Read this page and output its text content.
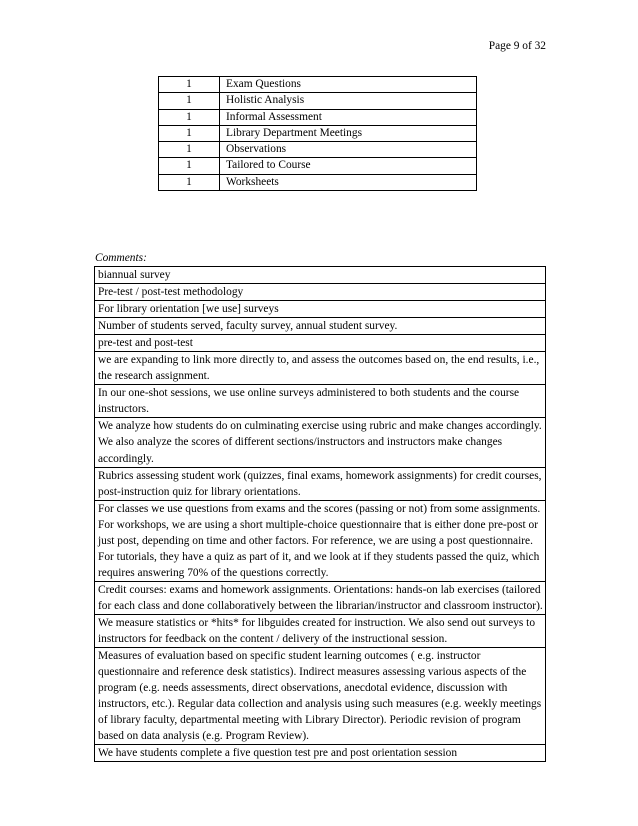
Page 9 of 32
1	Exam Questions
1	Holistic Analysis
1	Informal Assessment
1	Library Department Meetings
1	Observations
1	Tailored to Course
1	Worksheets
Comments:
biannual survey
Pre-test / post-test methodology
For library orientation [we use] surveys
Number of students served, faculty survey, annual student survey.
pre-test and post-test
we are expanding to link more directly to, and assess the outcomes based on, the end results, i.e., the research assignment.
In our one-shot sessions, we use online surveys administered to both students and the course instructors.
We analyze how students do on culminating exercise using rubric and make changes accordingly. We also analyze the scores of different sections/instructors and instructors make changes accordingly.
Rubrics assessing student work (quizzes, final exams, homework assignments) for credit courses, post-instruction quiz for library orientations.
For classes we use questions from exams and the scores (passing or not) from some assignments. For workshops, we are using a short multiple-choice questionnaire that is either done pre-post or just post, depending on time and other factors. For reference, we are using a post questionnaire. For tutorials, they have a quiz as part of it, and we look at if they students passed the quiz, which requires answering 70% of the questions correctly.
Credit courses: exams and homework assignments. Orientations: hands-on lab exercises (tailored for each class and done collaboratively between the librarian/instructor and classroom instructor).
We measure statistics or *hits* for libguides created for instruction. We also send out surveys to instructors for feedback on the content / delivery of the instructional session.
Measures of evaluation based on specific student learning outcomes ( e.g. instructor questionnaire and reference desk statistics). Indirect measures assessing various aspects of the program (e.g. needs assessments, direct observations, anecdotal evidence, discussion with instructors, etc.). Regular data collection and analysis using such measures (e.g. weekly meetings of library faculty, departmental meeting with Library Director). Periodic revision of program based on data analysis (e.g. Program Review).
We have students complete a five question test pre and post orientation session
